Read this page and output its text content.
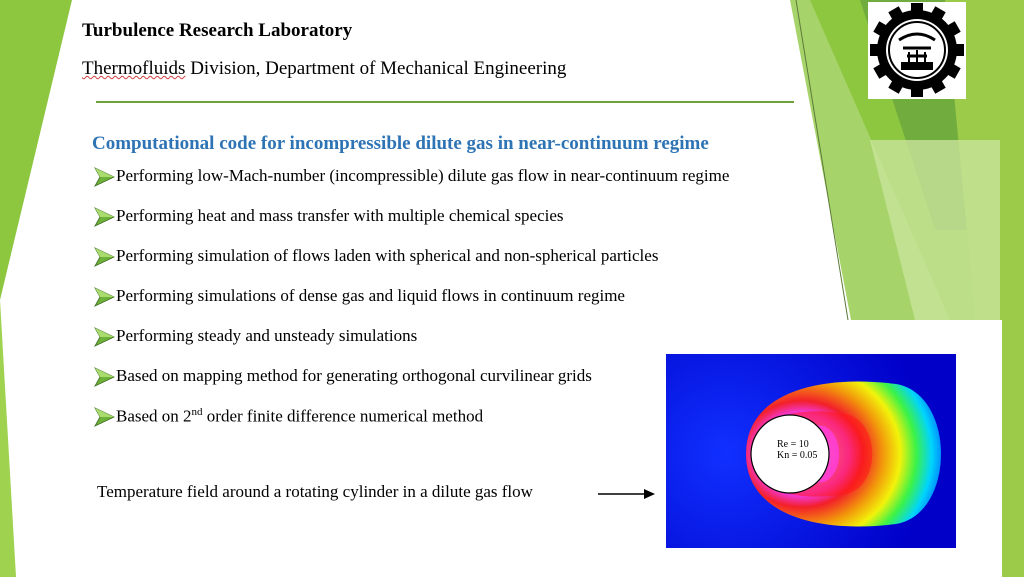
Turbulence Research Laboratory
Thermofluids Division, Department of Mechanical Engineering
Computational code for incompressible dilute gas in near-continuum regime
Performing low-Mach-number (incompressible) dilute gas flow in near-continuum regime
Performing heat and mass transfer with multiple chemical species
Performing simulation of flows laden with spherical and non-spherical particles
Performing simulations of dense gas and liquid flows in continuum regime
Performing steady and unsteady simulations
Based on mapping method for generating orthogonal curvilinear grids
Based on 2nd order finite difference numerical method
Temperature field around a rotating cylinder in a dilute gas flow
Re = 10
Kn = 0.05
